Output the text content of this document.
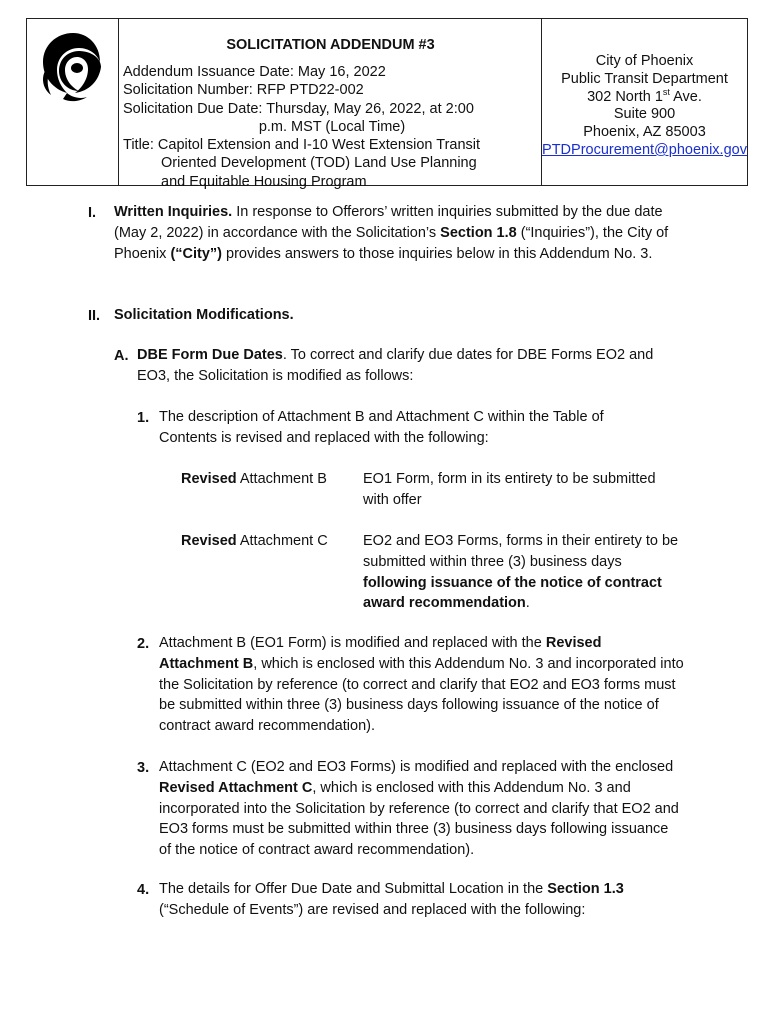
SOLICITATION ADDENDUM #3
Addendum Issuance Date: May 16, 2022
Solicitation Number: RFP PTD22-002
Solicitation Due Date: Thursday, May 26, 2022, at 2:00
p.m. MST (Local Time)
Title: Capitol Extension and I-10 West Extension Transit
Oriented Development (TOD) Land Use Planning
and Equitable Housing Program
City of Phoenix
Public Transit Department
302 North 1st Ave.
Suite 900
Phoenix, AZ 85003
PTDProcurement@phoenix.gov
I. Written Inquiries. In response to Offerors’ written inquiries submitted by the due date (May 2, 2022) in accordance with the Solicitation’s Section 1.8 (“Inquiries”), the City of Phoenix (“City”) provides answers to those inquiries below in this Addendum No. 3.

II. Solicitation Modifications.

A. DBE Form Due Dates. To correct and clarify due dates for DBE Forms EO2 and EO3, the Solicitation is modified as follows:

1. The description of Attachment B and Attachment C within the Table of Contents is revised and replaced with the following:

Revised Attachment B EO1 Form, form in its entirety to be submitted with offer

Revised Attachment C EO2 and EO3 Forms, forms in their entirety to be submitted within three (3) business days following issuance of the notice of contract award recommendation.

2. Attachment B (EO1 Form) is modified and replaced with the Revised Attachment B, which is enclosed with this Addendum No. 3 and incorporated into the Solicitation by reference (to correct and clarify that EO2 and EO3 forms must be submitted within three (3) business days following issuance of the notice of contract award recommendation).

3. Attachment C (EO2 and EO3 Forms) is modified and replaced with the enclosed Revised Attachment C, which is enclosed with this Addendum No. 3 and incorporated into the Solicitation by reference (to correct and clarify that EO2 and EO3 forms must be submitted within three (3) business days following issuance of the notice of contract award recommendation).

4. The details for Offer Due Date and Submittal Location in the Section 1.3 (“Schedule of Events”) are revised and replaced with the following:
